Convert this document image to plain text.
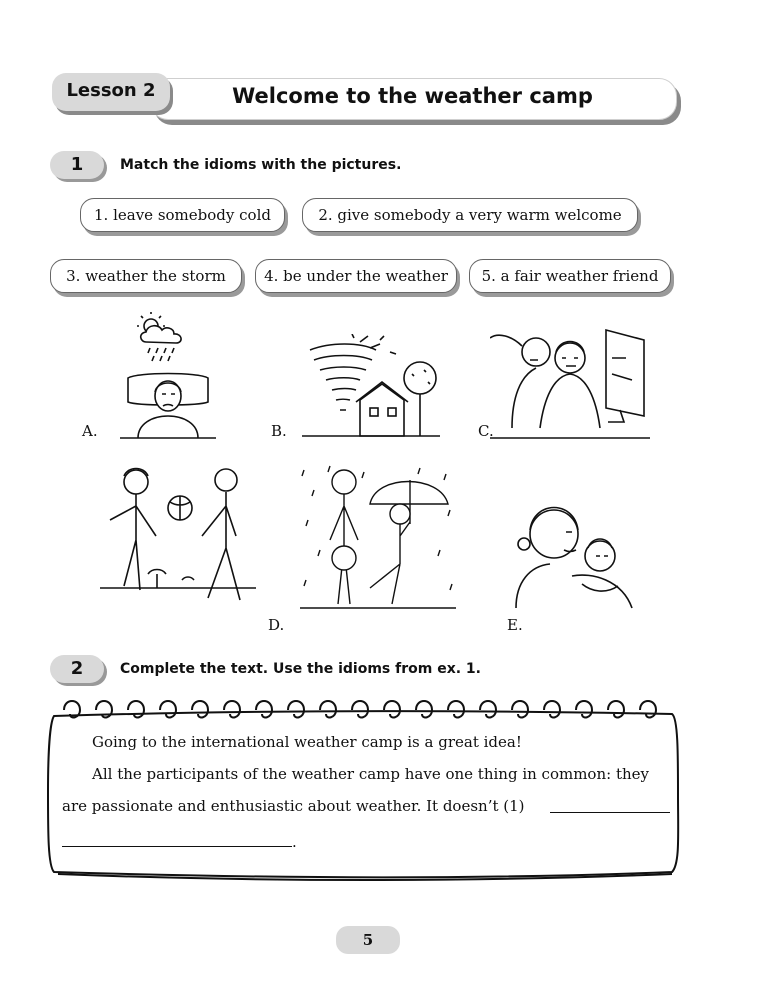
Welcome to the weather camp
Lesson 2
1	Match the idioms with the pictures.
1. leave somebody cold	2. give somebody a very warm welcome
3. weather the storm	4. be under the weather	5. a fair weather friend
A.	B.	C.
D.	E.
2	Complete the text. Use the idioms from ex. 1.
Going to the international weather camp is a great idea!
All the participants of the weather camp have one thing in common: they
are passionate and enthusiastic about weather. It doesn’t (1)
.
5
